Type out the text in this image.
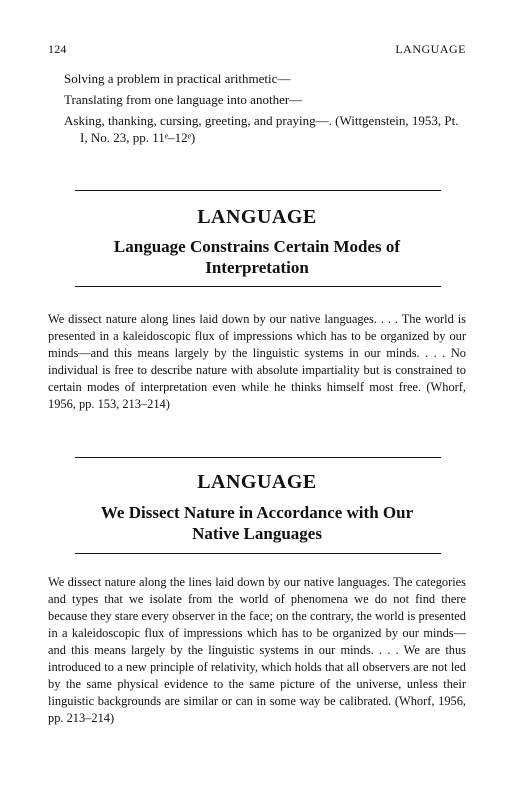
124	LANGUAGE
Solving a problem in practical arithmetic—
Translating from one language into another—
Asking, thanking, cursing, greeting, and praying—. (Wittgenstein, 1953, Pt. I, No. 23, pp. 11ᵉ–12ᵉ)
LANGUAGE
Language Constrains Certain Modes of Interpretation
We dissect nature along lines laid down by our native languages. . . . The world is presented in a kaleidoscopic flux of impressions which has to be organized by our minds—and this means largely by the linguistic systems in our minds. . . . No individual is free to describe nature with absolute impartiality but is constrained to certain modes of interpretation even while he thinks himself most free. (Whorf, 1956, pp. 153, 213–214)
LANGUAGE
We Dissect Nature in Accordance with Our Native Languages
We dissect nature along the lines laid down by our native languages. The categories and types that we isolate from the world of phenomena we do not find there because they stare every observer in the face; on the contrary, the world is presented in a kaleidoscopic flux of impressions which has to be organized by our minds—and this means largely by the linguistic systems in our minds. . . . We are thus introduced to a new principle of relativity, which holds that all observers are not led by the same physical evidence to the same picture of the universe, unless their linguistic backgrounds are similar or can in some way be calibrated. (Whorf, 1956, pp. 213–214)
